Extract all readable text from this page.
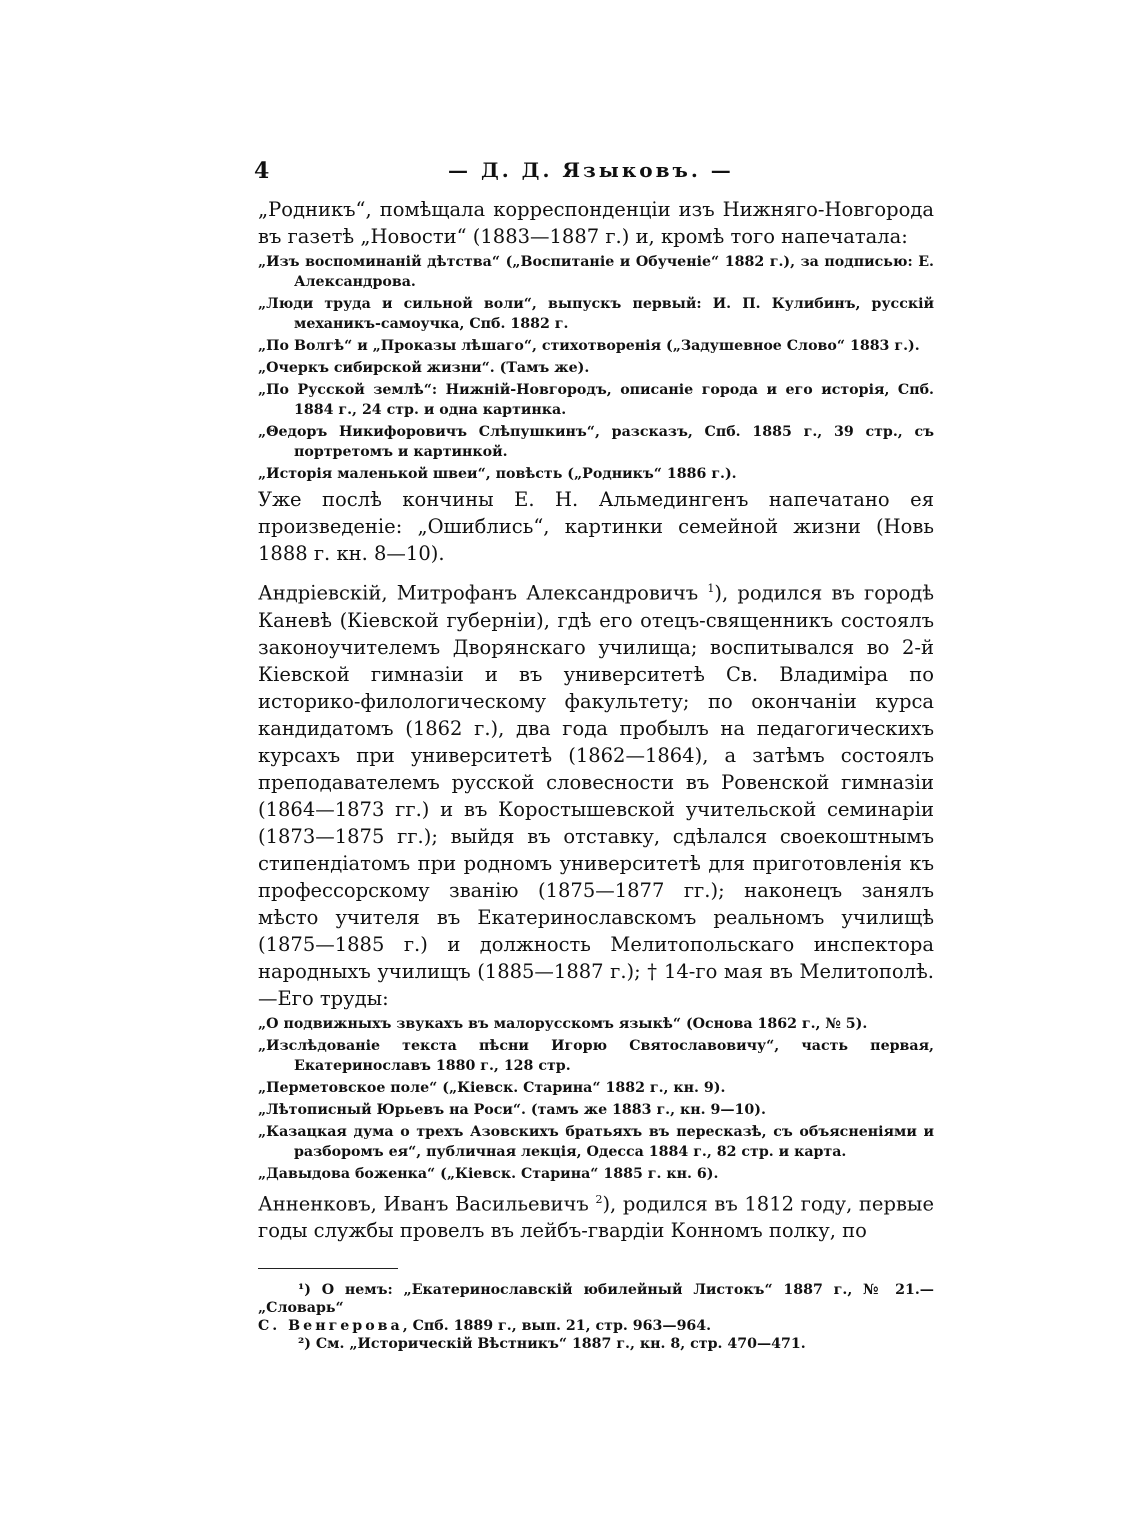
4	— Д. Д. Языковъ. —

„Родникъ“, помѣщала корреспонденціи изъ Нижняго-Новгорода въ газетѣ „Новости“ (1883—1887 г.) и, кромѣ того напечатала:

„Изъ воспоминаній дѣтства“ („Воспитаніе и Обученіе“ 1882 г.), за подписью: Е. Александрова.

„Люди труда и сильной воли“, выпускъ первый: И. П. Кулибинъ, русскій механикъ-самоучка, Спб. 1882 г.

„По Волгѣ“ и „Проказы лѣшаго“, стихотворенія („Задушевное Слово“ 1883 г.).

„Очеркъ сибирской жизни“. (Тамъ же).

„По Русской землѣ“: Нижній-Новгородъ, описаніе города и его исторія, Спб. 1884 г., 24 стр. и одна картинка.

„Θедоръ Никифоровичъ Слѣпушкинъ“, разсказъ, Спб. 1885 г., 39 стр., съ портретомъ и картинкой.

„Исторія маленькой швеи“, повѣсть („Родникъ“ 1886 г.).

Уже послѣ кончины Е. Н. Альмедингенъ напечатано ея произведеніе: „Ошиблись“, картинки семейной жизни (Новь 1888 г. кн. 8—10).

Андріевскій, Митрофанъ Александровичъ $^1$), родился въ городѣ Каневѣ (Кіевской губерніи), гдѣ его отецъ-священникъ состоялъ законоучителемъ Дворянскаго училища; воспитывался во 2-й Кіевской гимназіи и въ университетѣ Св. Владиміра по историко-филологическому факультету; по окончаніи курса кандидатомъ (1862 г.), два года пробылъ на педагогическихъ курсахъ при университетѣ (1862—1864), а затѣмъ состоялъ преподавателемъ русской словесности въ Ровенской гимназіи (1864—1873 гг.) и въ Коростышевской учительской семинаріи (1873—1875 гг.); выйдя въ отставку, сдѣлался своекоштнымъ стипендіатомъ при родномъ университетѣ для приготовленія къ профессорскому званію (1875—1877 гг.); наконецъ занялъ мѣсто учителя въ Екатеринославскомъ реальномъ училищѣ (1875—1885 г.) и должность Мелитопольскаго инспектора народныхъ училищъ (1885—1887 г.); † 14-го мая въ Мелитополѣ.—Его труды:

„О подвижныхъ звукахъ въ малорусскомъ языкѣ“ (Основа 1862 г., № 5).

„Изслѣдованіе текста пѣсни Игорю Святославовичу“, часть первая, Екатеринославъ 1880 г., 128 стр.

„Перметовское поле“ („Кіевск. Старина“ 1882 г., кн. 9).

„Лѣтописный Юрьевъ на Роси“. (тамъ же 1883 г., кн. 9—10).

„Казацкая дума о трехъ Азовскихъ братьяхъ въ пересказѣ, съ объясненіями и разборомъ ея“, публичная лекція, Одесса 1884 г., 82 стр. и карта.

„Давыдова боженка“ („Кіевск. Старина“ 1885 г. кн. 6).

Анненковъ, Иванъ Васильевичъ $^2$), родился въ 1812 году, первые годы службы провелъ въ лейбъ-гвардіи Конномъ полку, по

¹) О немъ: „Екатеринославскій юбилейный Листокъ“ 1887 г., № 21.—„Словарь“

С. Венгерова, Спб. 1889 г., вып. 21, стр. 963—964.

²) См. „Историческій Вѣстникъ“ 1887 г., кн. 8, стр. 470—471.
